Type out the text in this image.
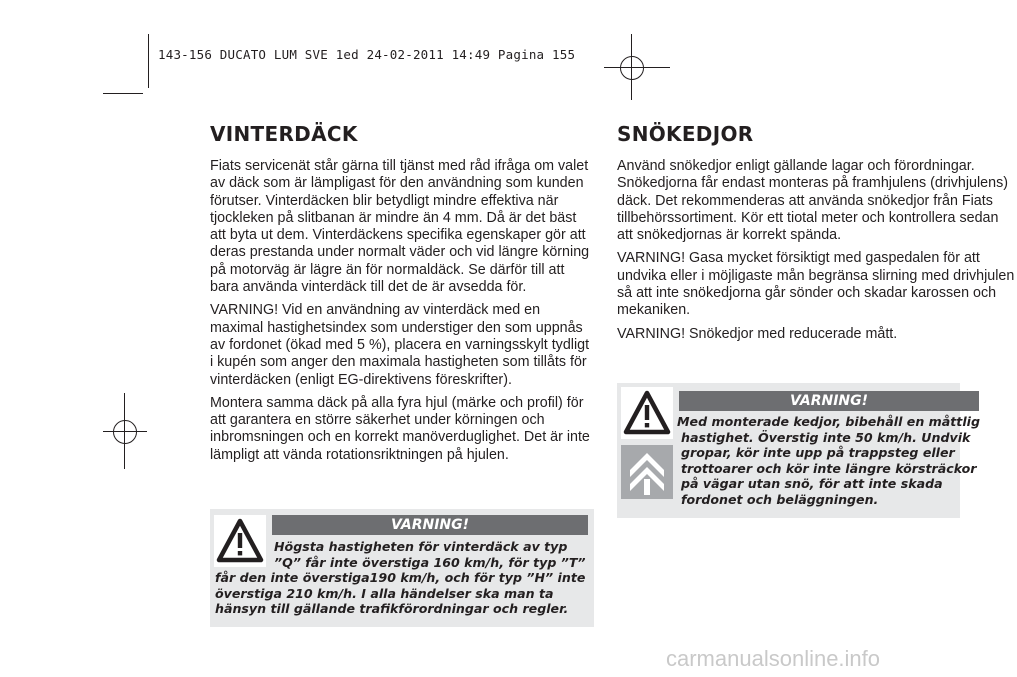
143-156 DUCATO LUM SVE 1ed 24-02-2011 14:49 Pagina 155
VINTERDÄCK

Fiats servicenät står gärna till tjänst med råd ifråga om valet av däck som är lämpligast för den användning som kunden förutser. Vinterdäcken blir betydligt mindre effektiva när tjockleken på slitbanan är mindre än 4 mm. Då är det bäst att byta ut dem. Vinterdäckens specifika egenskaper gör att deras prestanda under normalt väder och vid längre körning på motorväg är lägre än för normaldäck. Se därför till att bara använda vinterdäck till det de är avsedda för.

VARNING! Vid en användning av vinterdäck med en maximal hastighetsindex som understiger den som uppnås av fordonet (ökad med 5 %), placera en varningsskylt tydligt i kupén som anger den maximala hastigheten som tillåts för vinterdäcken (enligt EG-direktivens föreskrifter).

Montera samma däck på alla fyra hjul (märke och profil) för att garantera en större säkerhet under körningen och inbromsningen och en korrekt manöverduglighet. Det är inte lämpligt att vända rotationsriktningen på hjulen.

VARNING!
Högsta hastigheten för vinterdäck av typ
”Q” får inte överstiga 160 km/h, för typ ”T”
får den inte överstiga190 km/h, och för typ ”H” inte
överstiga 210 km/h. I alla händelser ska man ta
hänsyn till gällande trafikförordningar och regler.
SNÖKEDJOR

Använd snökedjor enligt gällande lagar och förordningar. Snökedjorna får endast monteras på framhjulens (drivhjulens) däck. Det rekommenderas att använda snökedjor från Fiats tillbehörssortiment. Kör ett tiotal meter och kontrollera sedan att snökedjornas är korrekt spända.

VARNING! Gasa mycket försiktigt med gaspedalen för att undvika eller i möjligaste mån begränsa slirning med drivhjulen så att inte snökedjorna går sönder och skadar karossen och mekaniken.

VARNING! Snökedjor med reducerade mått.

VARNING!
Med monterade kedjor, bibehåll en måttlig
hastighet. Överstig inte 50 km/h. Undvik
gropar, kör inte upp på trappsteg eller
trottoarer och kör inte längre körsträckor
på vägar utan snö, för att inte skada
fordonet och beläggningen.
carmanualsonline.info
